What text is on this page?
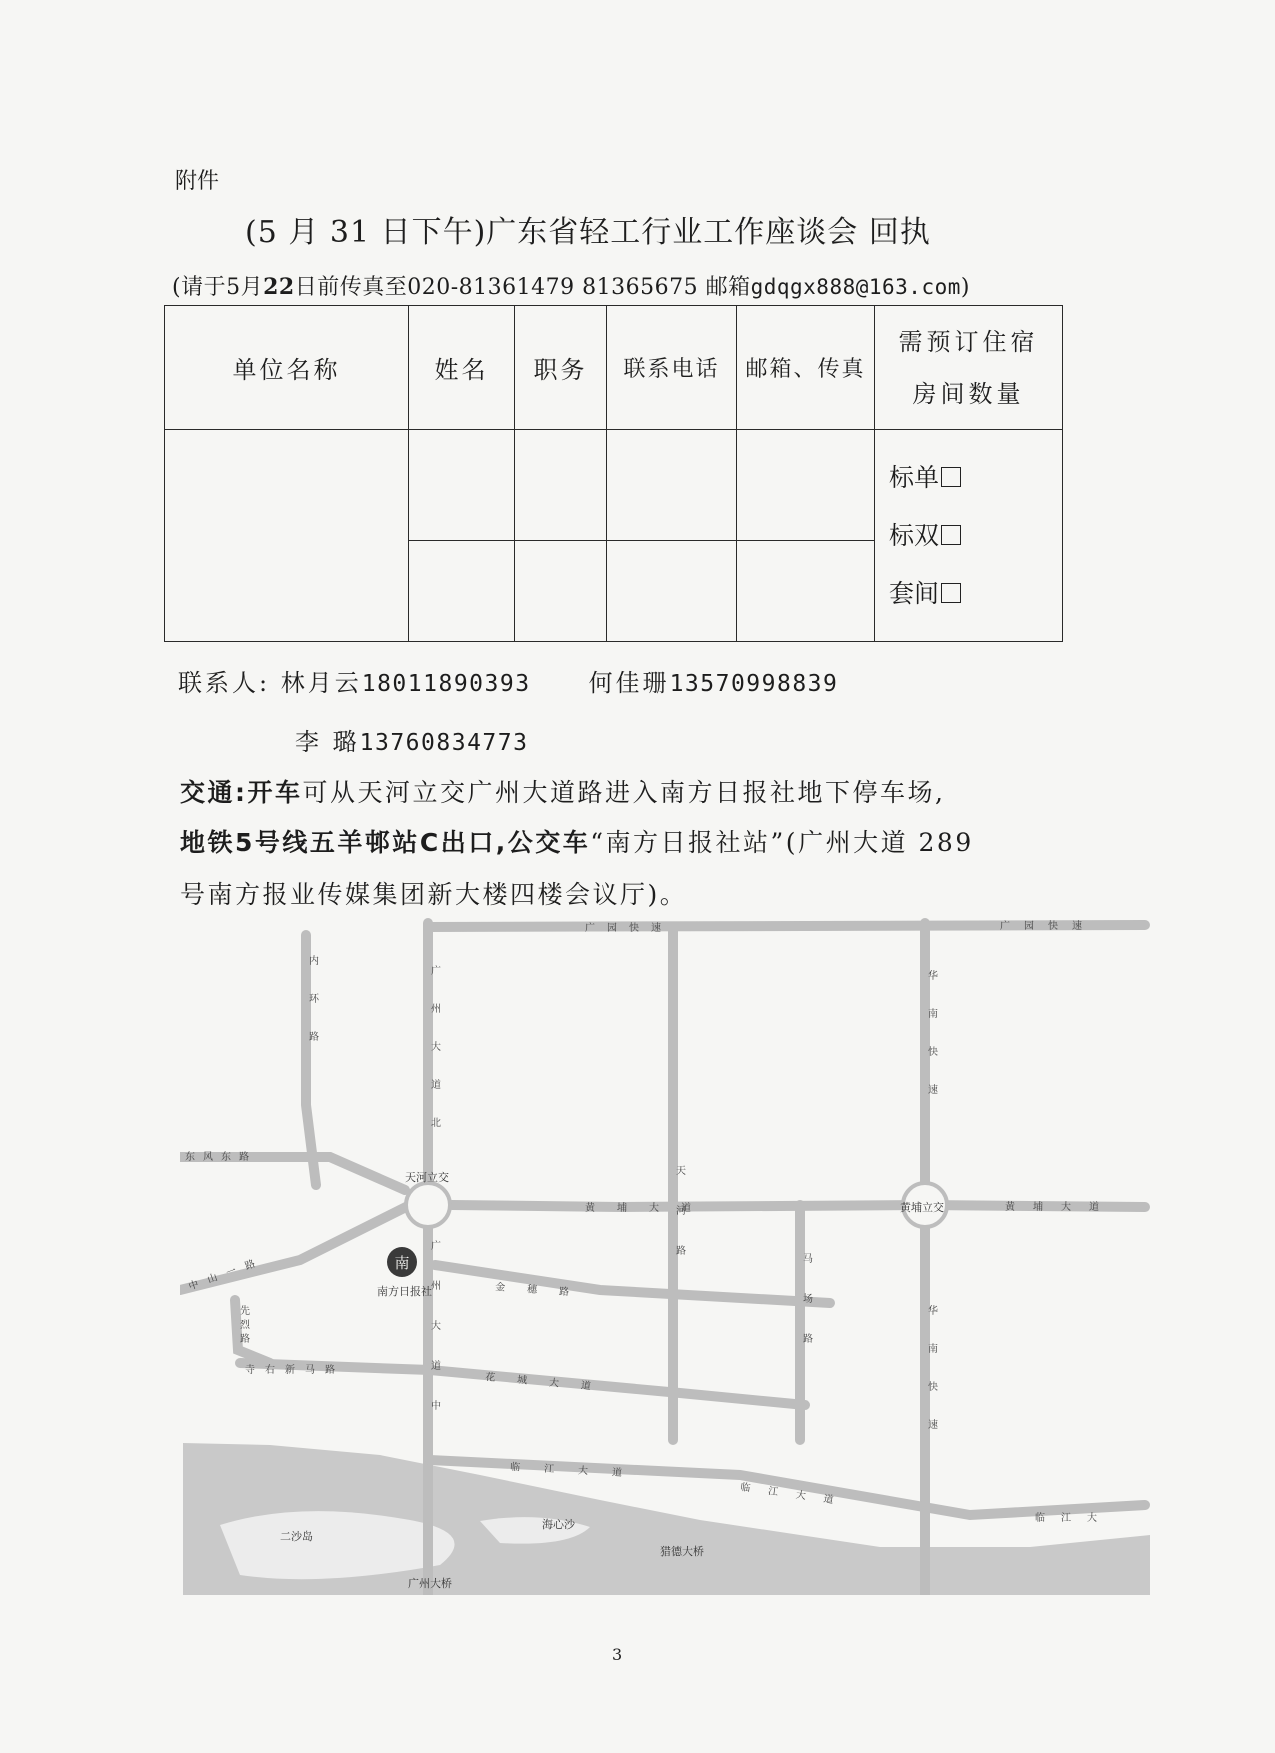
附件
(5 月 31 日下午)广东省轻工行业工作座谈会 回执
(请于5月22日前传真至020-81361479 81365675 邮箱gdqgx888@163.com)
单位名称	姓名	职务	联系电话	邮箱、传真	需预订住宿
房间数量

					标单
标双
套间

联系人: 林月云18011890393 何佳珊13570998839
李 璐13760834773
交通:开车可从天河立交广州大道路进入南方日报社地下停车场,
地铁5号线五羊邨站C出口,公交车“南方日报社站”(广州大道 289
号南方报业传媒集团新大楼四楼会议厅)。
南
南方日报社
天河立交
黄埔立交
二沙岛
海心沙
广州大桥
猎德大桥
广园快速	广园快速
东风东路
黄埔大道	黄埔大道
金穗路
寺右新马路
花城大道
临江大道
临江大道
临江大
中山一路
内环路	广州大道北
广州大道中
天河路
马场路
华南快速
华南快速
先烈路
3
